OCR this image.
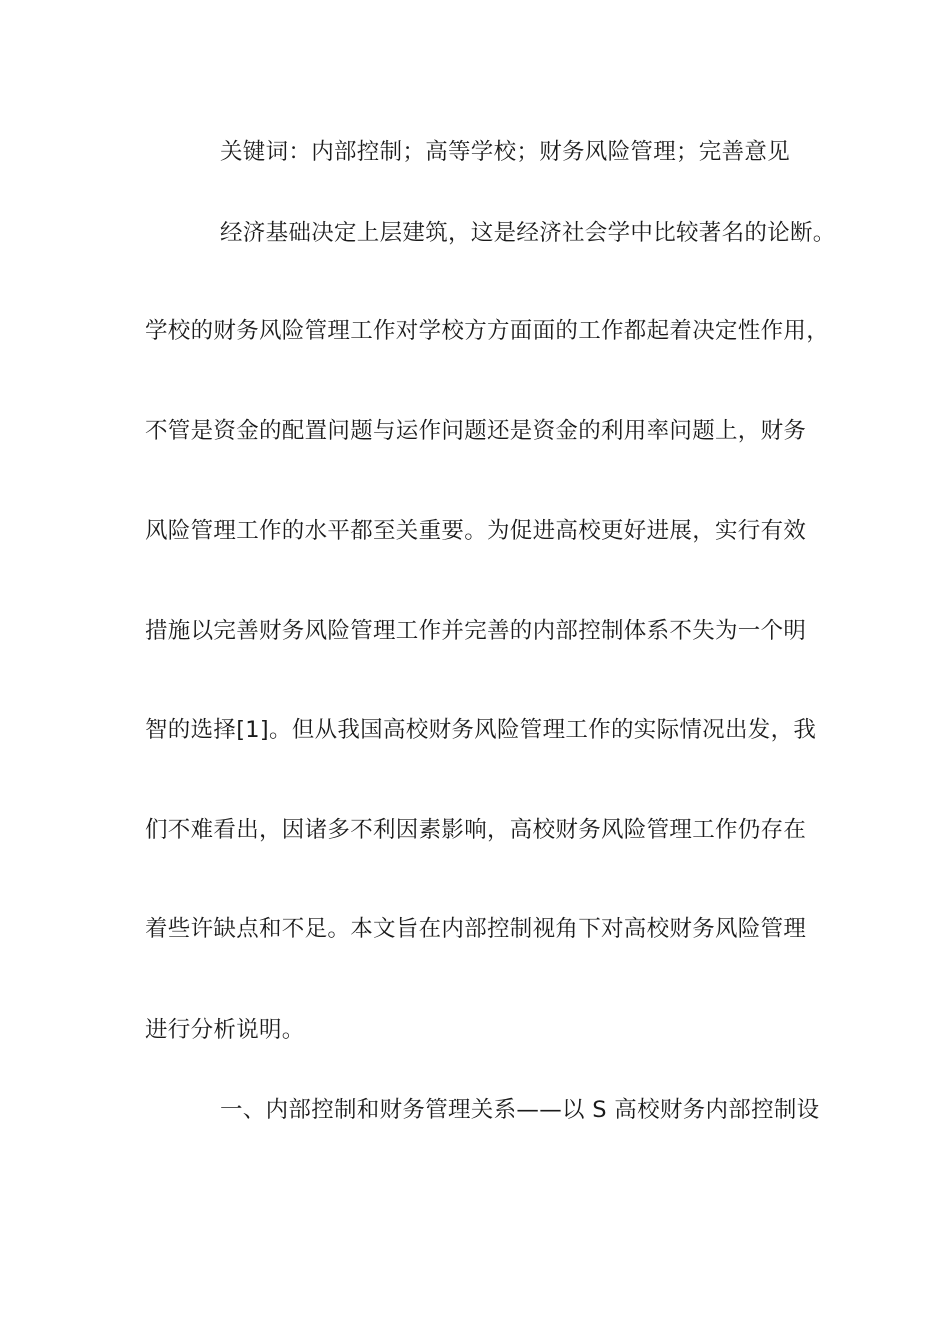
关键词：内部控制；高等学校；财务风险管理；完善意见
经济基础决定上层建筑，这是经济社会学中比较著名的论断。
学校的财务风险管理工作对学校方方面面的工作都起着决定性作用，
不管是资金的配置问题与运作问题还是资金的利用率问题上，财务
风险管理工作的水平都至关重要。为促进高校更好进展，实行有效
措施以完善财务风险管理工作并完善的内部控制体系不失为一个明
智的选择[1]。但从我国高校财务风险管理工作的实际情况出发，我
们不难看出，因诸多不利因素影响，高校财务风险管理工作仍存在
着些许缺点和不足。本文旨在内部控制视角下对高校财务风险管理
进行分析说明。
一、内部控制和财务管理关系——以 S 高校财务内部控制设
